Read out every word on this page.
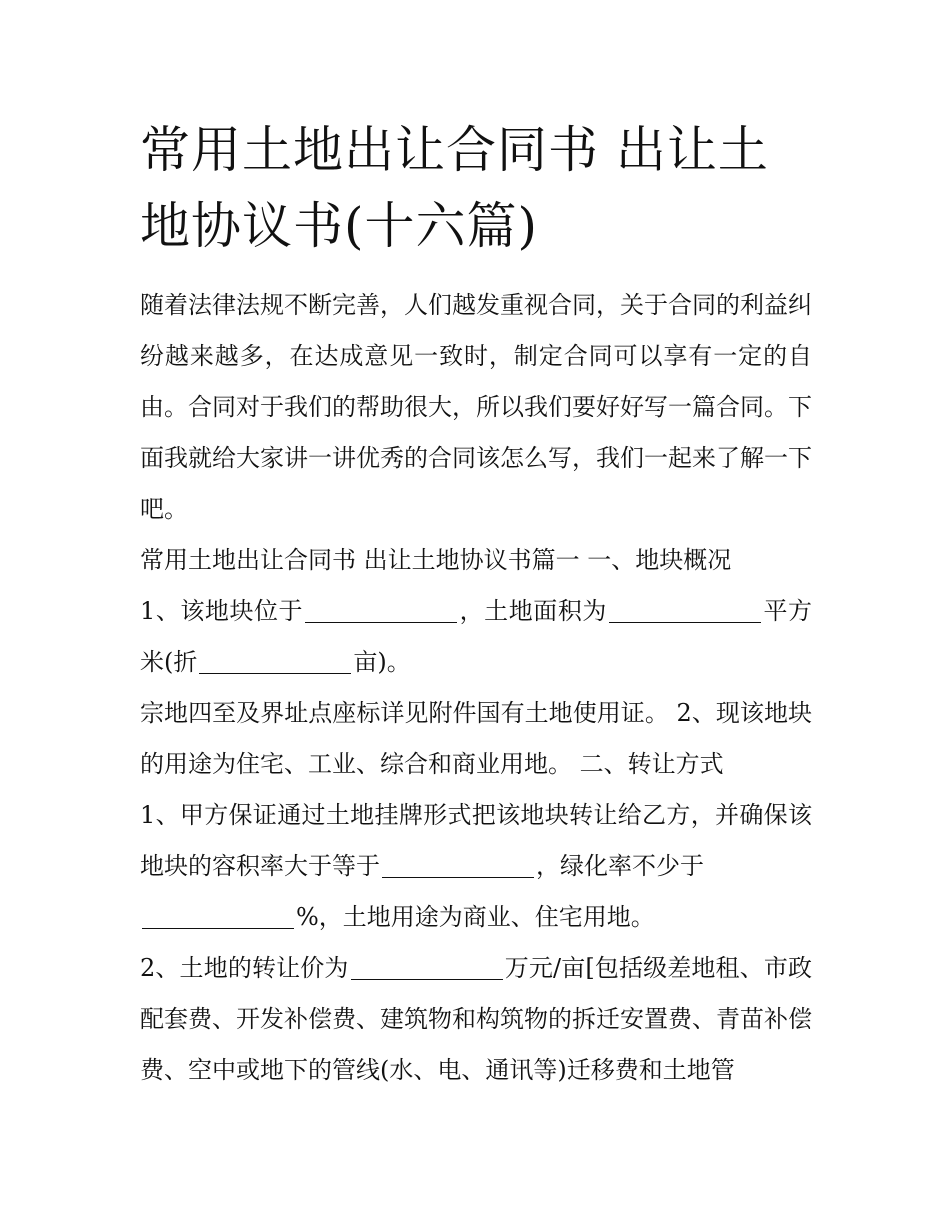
常用土地出让合同书 出让土地协议书(十六篇)

随着法律法规不断完善，人们越发重视合同，关于合同的利益纠纷越来越多，在达成意见一致时，制定合同可以享有一定的自由。合同对于我们的帮助很大，所以我们要好好写一篇合同。下面我就给大家讲一讲优秀的合同该怎么写，我们一起来了解一下吧。

常用土地出让合同书 出让土地协议书篇一 一、地块概况

1、该地块位于	，土地面积为	平方米(折	亩)。

宗地四至及界址点座标详见附件国有土地使用证。 2、现该地块的用途为住宅、工业、综合和商业用地。 二、转让方式

1、甲方保证通过土地挂牌形式把该地块转让给乙方，并确保该地块的容积率大于等于	，绿化率不少于
%，土地用途为商业、住宅用地。

2、土地的转让价为	万元/亩[包括级差地租、市政配套费、开发补偿费、建筑物和构筑物的拆迁安置费、青苗补偿费、空中或地下的管线(水、电、通讯等)迁移费和土地管
